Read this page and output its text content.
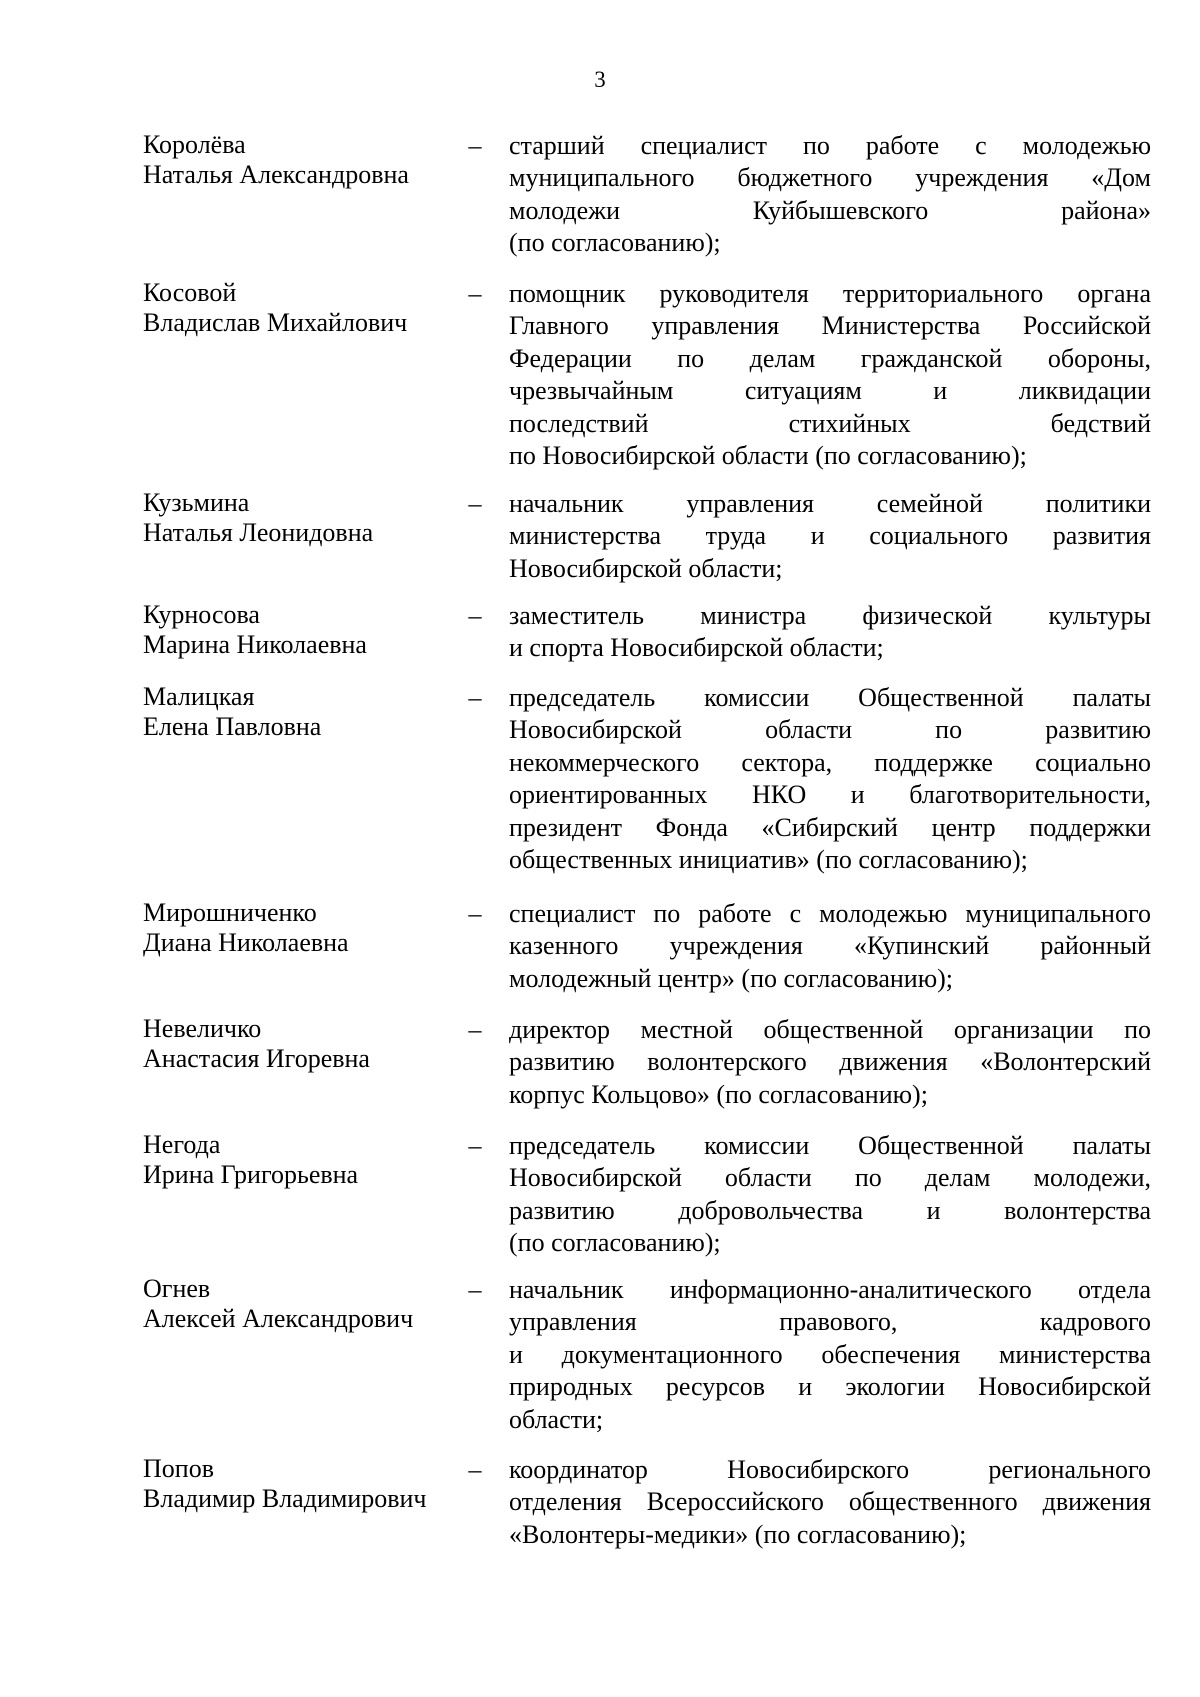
3
Королёва
Наталья Александровна
– старший специалист по работе с молодежью
муниципального бюджетного учреждения «Дом
молодежи Куйбышевского района»
(по согласованию);
Косовой
Владислав Михайлович
– помощник руководителя территориального органа
Главного управления Министерства Российской
Федерации по делам гражданской обороны,
чрезвычайным ситуациям и ликвидации
последствий стихийных бедствий
по Новосибирской области (по согласованию);
Кузьмина
Наталья Леонидовна
– начальник управления семейной политики
министерства труда и социального развития
Новосибирской области;
Курносова
Марина Николаевна
– заместитель министра физической культуры
и спорта Новосибирской области;
Малицкая
Елена Павловна
– председатель комиссии Общественной палаты
Новосибирской области по развитию
некоммерческого сектора, поддержке социально
ориентированных НКО и благотворительности,
президент Фонда «Сибирский центр поддержки
общественных инициатив» (по согласованию);
Мирошниченко
Диана Николаевна
– специалист по работе с молодежью муниципального
казенного учреждения «Купинский районный
молодежный центр» (по согласованию);
Невеличко
Анастасия Игоревна
– директор местной общественной организации по
развитию волонтерского движения «Волонтерский
корпус Кольцово» (по согласованию);
Негода
Ирина Григорьевна
– председатель комиссии Общественной палаты
Новосибирской области по делам молодежи,
развитию добровольчества и волонтерства
(по согласованию);
Огнев
Алексей Александрович
– начальник информационно-аналитического отдела
управления правового, кадрового
и документационного обеспечения министерства
природных ресурсов и экологии Новосибирской
области;
Попов
Владимир Владимирович
– координатор Новосибирского регионального
отделения Всероссийского общественного движения
«Волонтеры-медики» (по согласованию);
